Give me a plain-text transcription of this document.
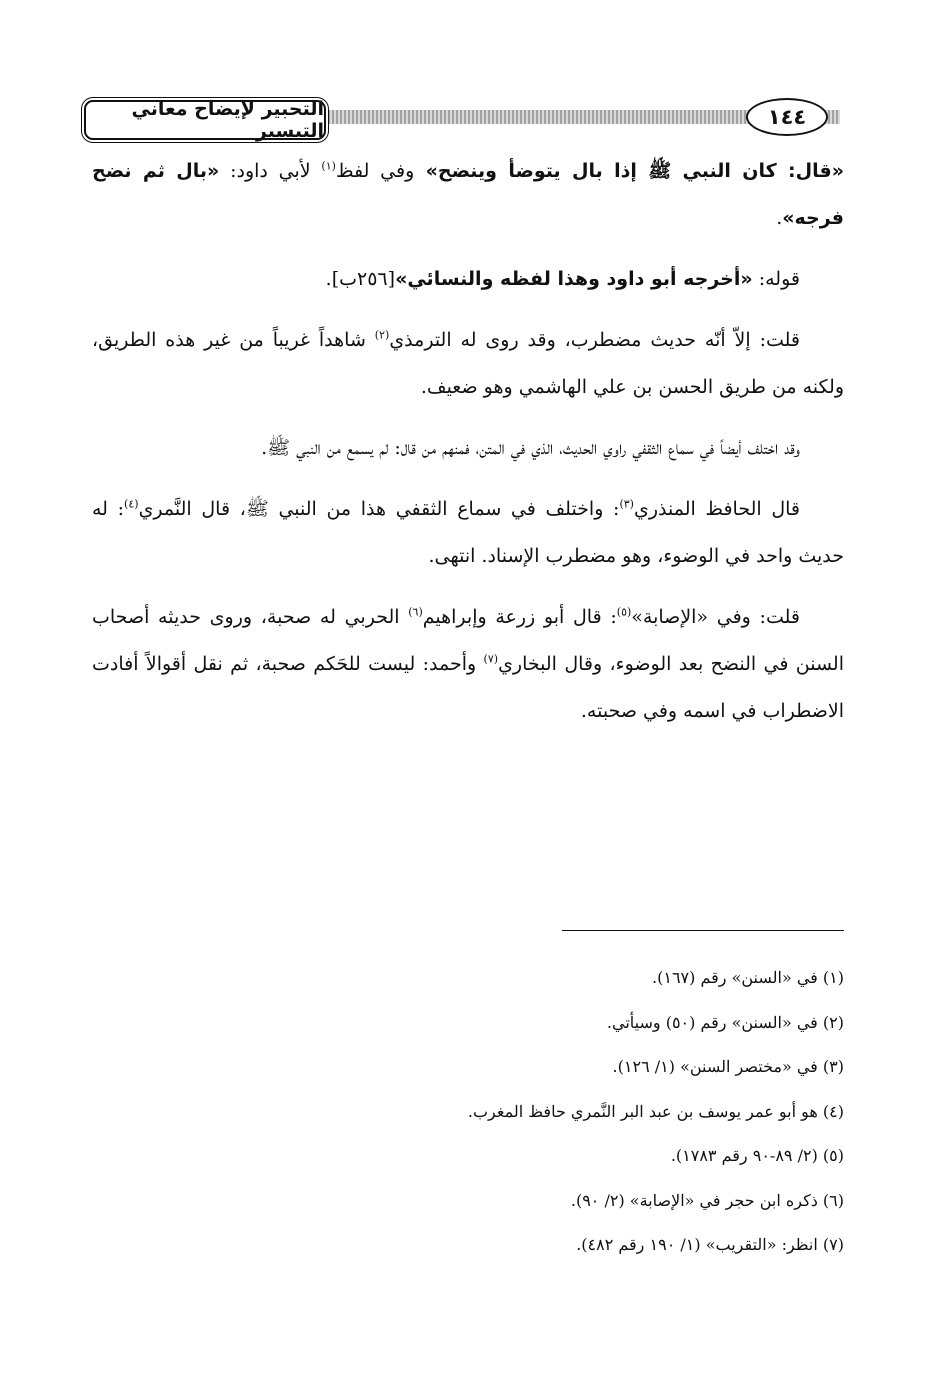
التحبير لإيضاح معاني التيسير
١٤٤

«قال: كان النبي ﷺ إذا بال يتوضأ وينضح» وفي لفظ$^{(١)}$ لأبي داود: «بال ثم نضح فرجه».

قوله: «أخرجه أبو داود وهذا لفظه والنسائي»[٢٥٦ب].

قلت: إلاّ أنّه حديث مضطرب، وقد روى له الترمذي$^{(٢)}$ شاهداً غريباً من غير هذه الطريق، ولكنه من طريق الحسن بن علي الهاشمي وهو ضعيف.

وقد اختلف أيضاً في سماع الثقفي راوي الحديث، الذي في المتن، فمنهم من قال: لم يسمع من النبي ﷺ.

قال الحافظ المنذري$^{(٣)}$: واختلف في سماع الثقفي هذا من النبي ﷺ، قال النَّمري$^{(٤)}$: له حديث واحد في الوضوء، وهو مضطرب الإسناد. انتهى.

قلت: وفي «الإصابة»$^{(٥)}$: قال أبو زرعة وإبراهيم$^{(٦)}$ الحربي له صحبة، وروى حديثه أصحاب السنن في النضح بعد الوضوء، وقال البخاري$^{(٧)}$ وأحمد: ليست للحَكم صحبة، ثم نقل أقوالاً أفادت الاضطراب في اسمه وفي صحبته.

(١) في «السنن» رقم (١٦٧).

(٢) في «السنن» رقم (٥٠) وسيأتي.

(٣) في «مختصر السنن» (١/ ١٢٦).

(٤) هو أبو عمر يوسف بن عبد البر النَّمري حافظ المغرب.

(٥) (٢/ ٨٩-٩٠ رقم ١٧٨٣).

(٦) ذكره ابن حجر في «الإصابة» (٢/ ٩٠).

(٧) انظر: «التقريب» (١/ ١٩٠ رقم ٤٨٢).
